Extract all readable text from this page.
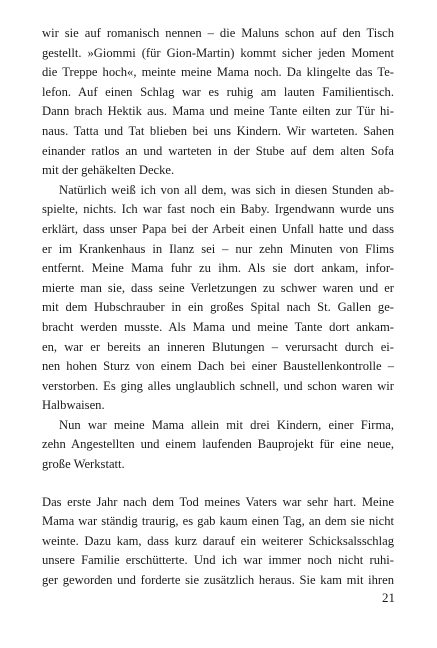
wir sie auf romanisch nennen – die Maluns schon auf den Tisch
gestellt. »Giommi (für Gion-Martin) kommt sicher jeden Moment
die Treppe hoch«, meinte meine Mama noch. Da klingelte das Te-
lefon. Auf einen Schlag war es ruhig am lauten Familientisch.
Dann brach Hektik aus. Mama und meine Tante eilten zur Tür hi-
naus. Tatta und Tat blieben bei uns Kindern. Wir warteten. Sahen
einander ratlos an und warteten in der Stube auf dem alten Sofa
mit der gehäkelten Decke.
Natürlich weiß ich von all dem, was sich in diesen Stunden ab-
spielte, nichts. Ich war fast noch ein Baby. Irgendwann wurde uns
erklärt, dass unser Papa bei der Arbeit einen Unfall hatte und dass
er im Krankenhaus in Ilanz sei – nur zehn Minuten von Flims
entfernt. Meine Mama fuhr zu ihm. Als sie dort ankam, infor-
mierte man sie, dass seine Verletzungen zu schwer waren und er
mit dem Hubschrauber in ein großes Spital nach St. Gallen ge-
bracht werden musste. Als Mama und meine Tante dort ankam-
en, war er bereits an inneren Blutungen – verursacht durch ei-
nen hohen Sturz von einem Dach bei einer Baustellenkontrolle –
verstorben. Es ging alles unglaublich schnell, und schon waren wir
Halbwaisen.
Nun war meine Mama allein mit drei Kindern, einer Firma,
zehn Angestellten und einem laufenden Bauprojekt für eine neue,
große Werkstatt.
Das erste Jahr nach dem Tod meines Vaters war sehr hart. Meine
Mama war ständig traurig, es gab kaum einen Tag, an dem sie nicht
weinte. Dazu kam, dass kurz darauf ein weiterer Schicksalsschlag
unsere Familie erschütterte. Und ich war immer noch nicht ruhi-
ger geworden und forderte sie zusätzlich heraus. Sie kam mit ihren
21
